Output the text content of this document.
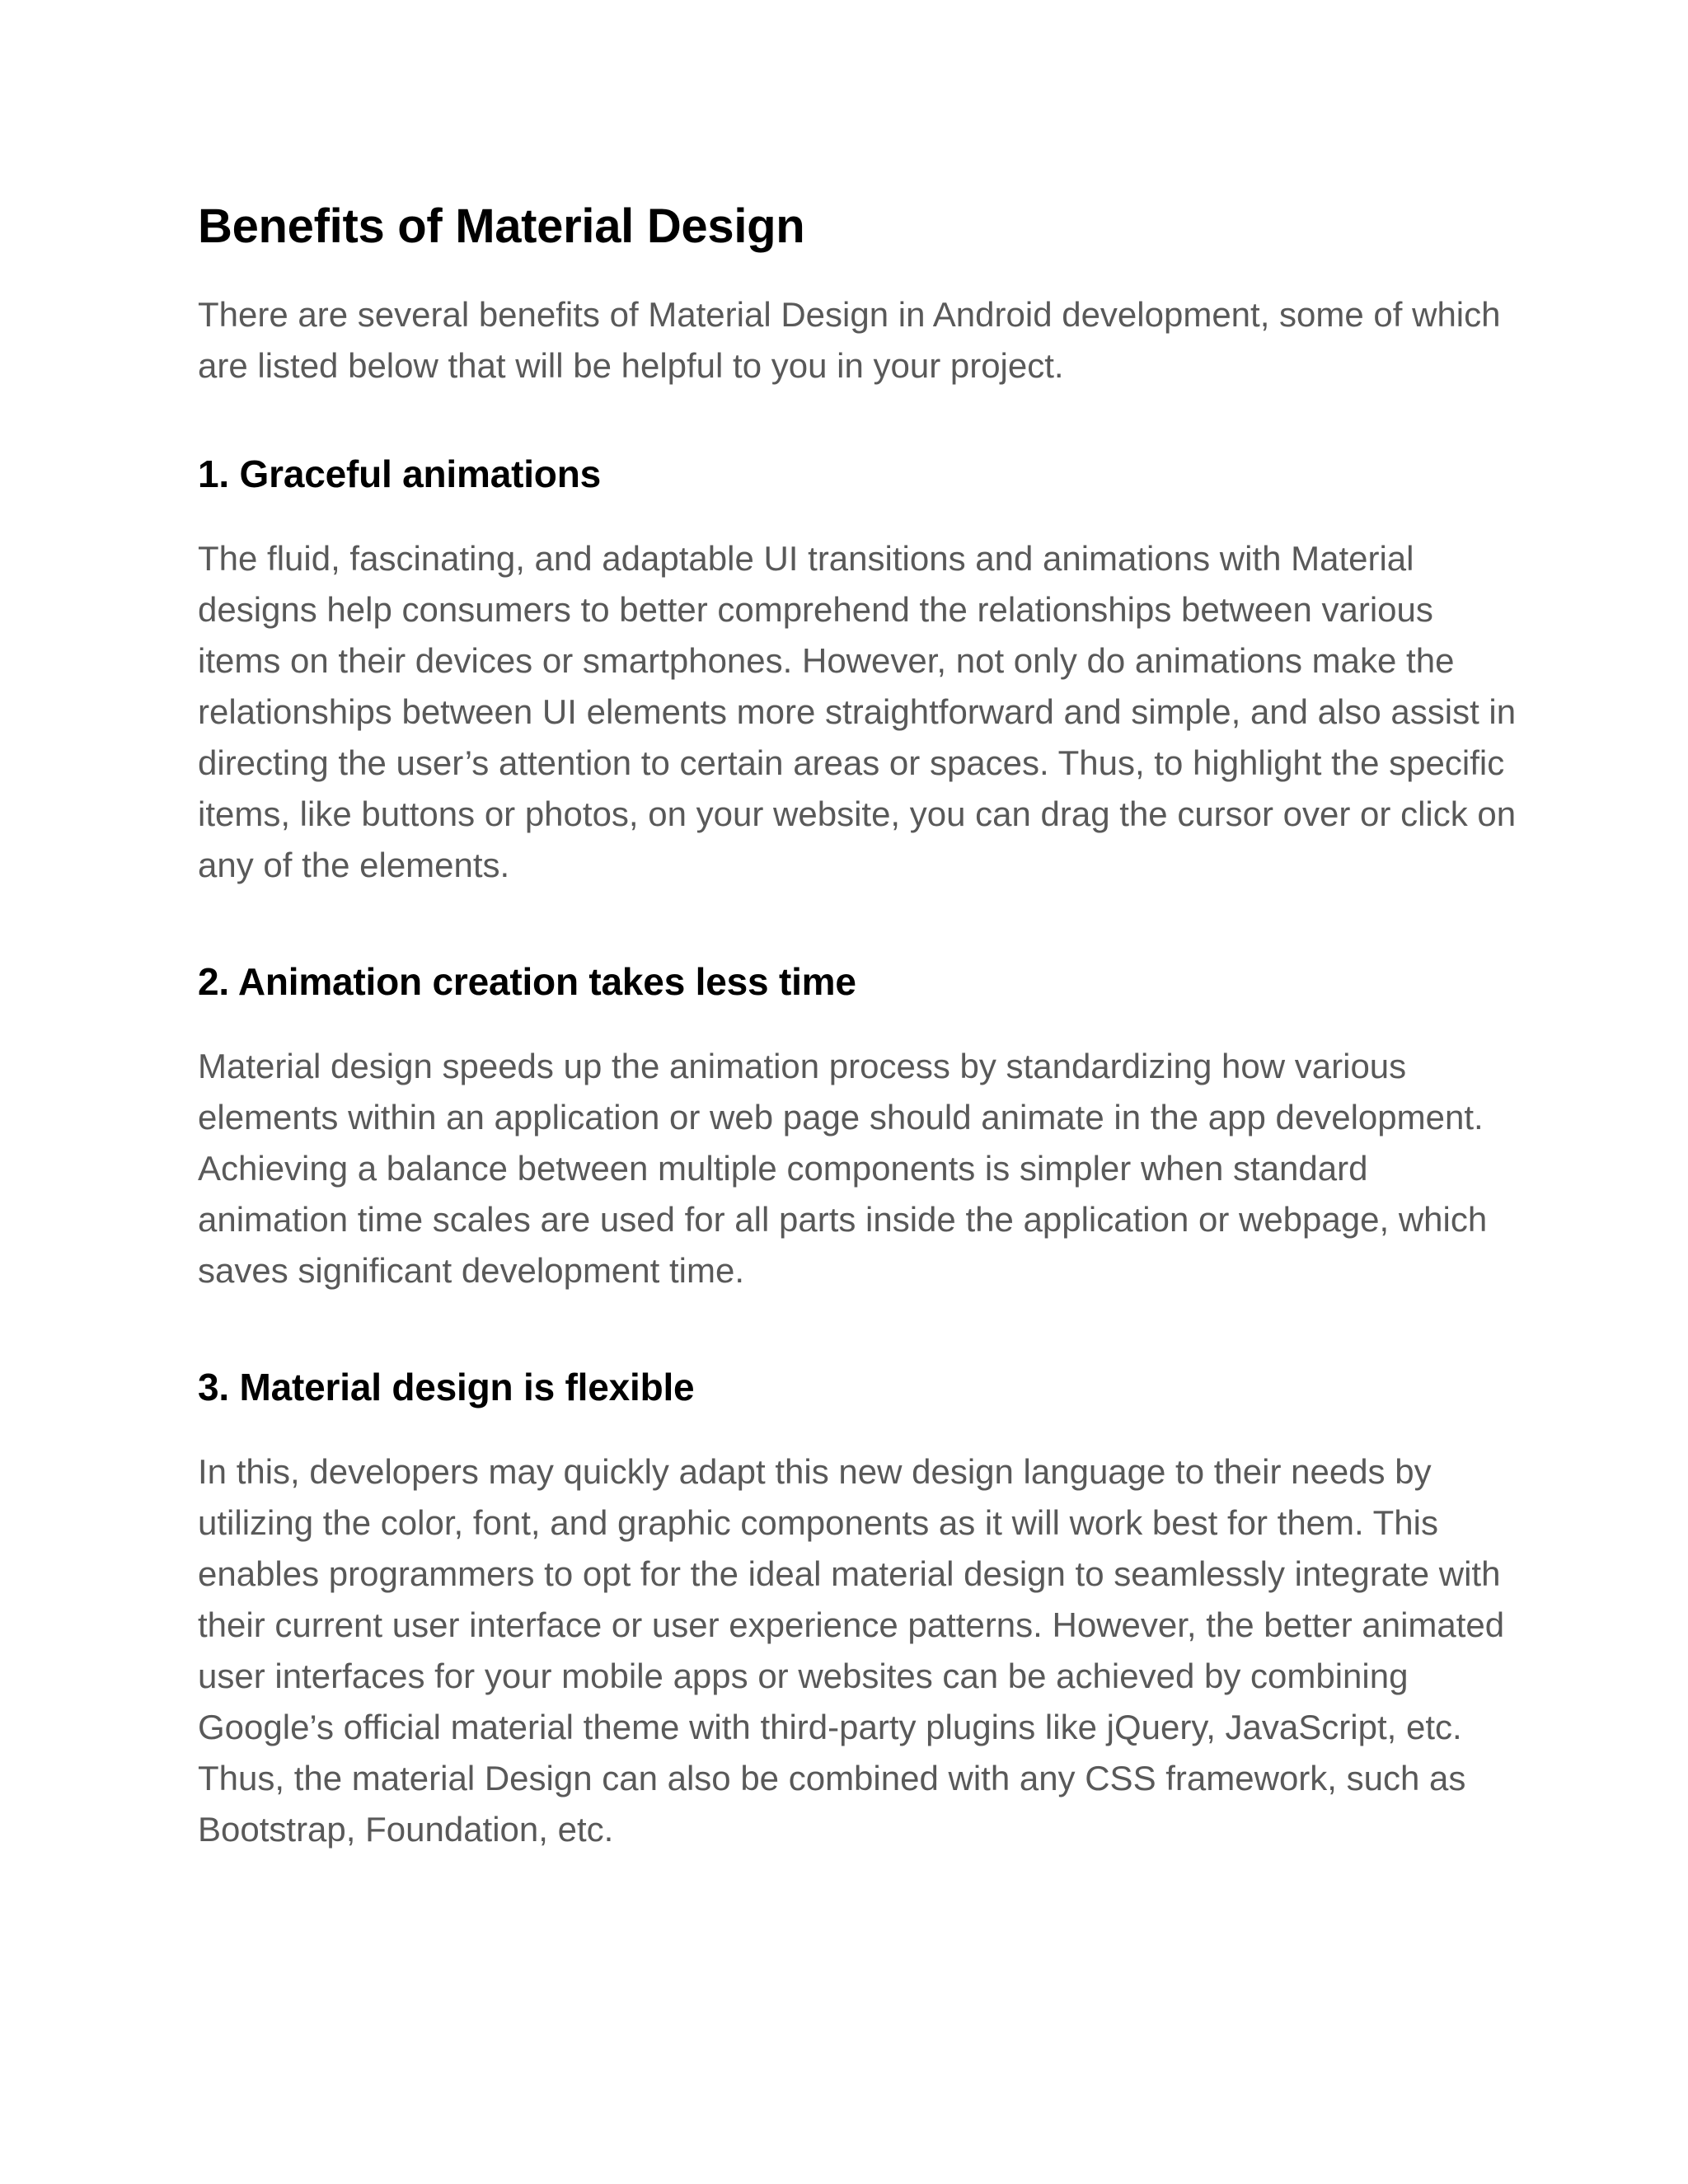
Benefits of Material Design

There are several benefits of Material Design in Android development, some of which are listed below that will be helpful to you in your project.

1. Graceful animations

The fluid, fascinating, and adaptable UI transitions and animations with Material designs help consumers to better comprehend the relationships between various items on their devices or smartphones. However, not only do animations make the relationships between UI elements more straightforward and simple, and also assist in directing the user’s attention to certain areas or spaces. Thus, to highlight the specific items, like buttons or photos, on your website, you can drag the cursor over or click on any of the elements.

2. Animation creation takes less time

Material design speeds up the animation process by standardizing how various elements within an application or web page should animate in the app development. Achieving a balance between multiple components is simpler when standard animation time scales are used for all parts inside the application or webpage, which saves significant development time.

3. Material design is flexible

In this, developers may quickly adapt this new design language to their needs by utilizing the color, font, and graphic components as it will work best for them. This enables programmers to opt for the ideal material design to seamlessly integrate with their current user interface or user experience patterns. However, the better animated user interfaces for your mobile apps or websites can be achieved by combining Google’s official material theme with third-party plugins like jQuery, JavaScript, etc. Thus, the material Design can also be combined with any CSS framework, such as Bootstrap, Foundation, etc.
